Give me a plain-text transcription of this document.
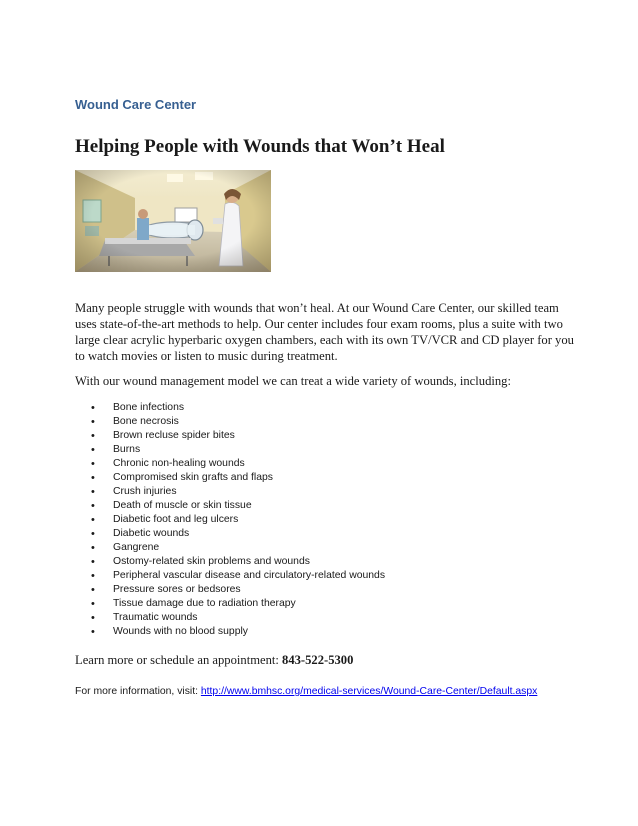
Wound Care Center
Helping People with Wounds that Won’t Heal
Many people struggle with wounds that won’t heal. At our Wound Care Center, our skilled team uses state-of-the-art methods to help. Our center includes four exam rooms, plus a suite with two large clear acrylic hyperbaric oxygen chambers, each with its own TV/VCR and CD player for you to watch movies or listen to music during treatment.
With our wound management model we can treat a wide variety of wounds, including:
• Bone infections
• Bone necrosis
• Brown recluse spider bites
• Burns
• Chronic non-healing wounds
• Compromised skin grafts and flaps
• Crush injuries
• Death of muscle or skin tissue
• Diabetic foot and leg ulcers
• Diabetic wounds
• Gangrene
• Ostomy-related skin problems and wounds
• Peripheral vascular disease and circulatory-related wounds
• Pressure sores or bedsores
• Tissue damage due to radiation therapy
• Traumatic wounds
• Wounds with no blood supply
Learn more or schedule an appointment: 843-522-5300
For more information, visit: http://www.bmhsc.org/medical-services/Wound-Care-Center/Default.aspx
